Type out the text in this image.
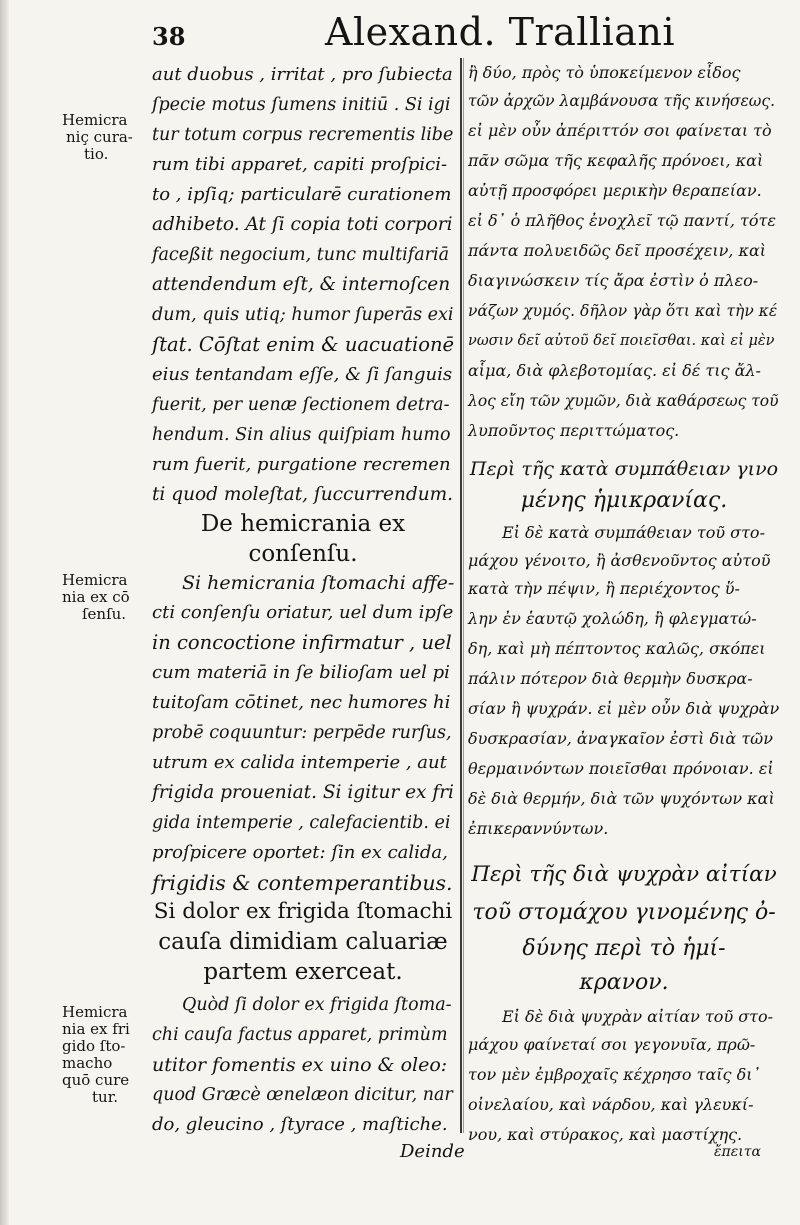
38	Alexand. Tralliani
Hemicra
niç cura-
tio.
Hemicra
nia ex cō
ſenſu.
Hemicra
nia ex fri
gido ſto-
macho
quō cure
tur.
aut duobus , irritat , pro ſubiecta
ſpecie motus ſumens initiū . Si igi
tur totum corpus recrementis libe
rum tibi apparet, capiti proſpici-
to , ipſiq; particularē curationem
adhibeto. At ſi copia toti corpori
faceßit negocium, tunc multifariā
attendendum eſt, & internoſcen
dum, quis utiq; humor ſuperās exi
ſtat. Cōſtat enim & uacuationē
eius tentandam eſſe, & ſi ſanguis
fuerit, per uenæ ſectionem detra-
hendum. Sin alius quiſpiam humo
rum fuerit, purgatione recremen
ti quod moleſtat, ſuccurrendum.
De hemicrania ex
conſenſu.
Si hemicrania ſtomachi affe-
cti conſenſu oriatur, uel dum ipſe
in concoctione infirmatur , uel
cum materiā in ſe bilioſam uel pi
tuitoſam cōtinet, nec humores hi
probē coquuntur: perpēde rurſus,
utrum ex calida intemperie , aut
frigida proueniat. Si igitur ex fri
gida intemperie , calefacientib. ei
proſpicere oportet: ſin ex calida,
frigidis & contemperantibus.
Si dolor ex frigida ſtomachi
cauſa dimidiam caluariæ
partem exerceat.
Quòd ſi dolor ex frigida ſtoma-
chi cauſa factus apparet, primùm
utitor fomentis ex uino & oleo:
quod Græcè œnelæon dicitur, nar
do, gleucino , ſtyrace , maſtiche.
Deinde
ἢ δύο, πρὸς τὸ ὑποκείμενον εἶδος
τῶν ἀρχῶν λαμβάνουσα τῆς κινήσεως.
εἰ μὲν οὖν ἀπέριττόν σοι φαίνεται τὸ
πᾶν σῶμα τῆς κεφαλῆς πρόνοει, καὶ
αὐτῇ προσφόρει μερικὴν θεραπείαν.
εἰ δ᾽ ὁ πλῆθος ἐνοχλεῖ τῷ παντί, τότε
πάντα πολυειδῶς δεῖ προσέχειν, καὶ
διαγινώσκειν τίς ἄρα ἐστὶν ὁ πλεο-
νάζων χυμός. δῆλον γὰρ ὅτι καὶ τὴν κέ
νωσιν δεῖ αὐτοῦ δεῖ ποιεῖσθαι. καὶ εἰ μὲν
αἷμα, διὰ φλεβοτομίας. εἰ δέ τις ἄλ-
λος εἴη τῶν χυμῶν, διὰ καθάρσεως τοῦ
λυποῦντος περιττώματος.
Περὶ τῆς κατὰ συμπάθειαν γινο
μένης ἡμικρανίας.
Εἰ δὲ κατὰ συμπάθειαν τοῦ στο-
μάχου γένοιτο, ἢ ἀσθενοῦντος αὐτοῦ
κατὰ τὴν πέψιν, ἢ περιέχοντος ὕ-
λην ἐν ἑαυτῷ χολώδη, ἢ φλεγματώ-
δη, καὶ μὴ πέπτοντος καλῶς, σκόπει
πάλιν πότερον διὰ θερμὴν δυσκρα-
σίαν ἢ ψυχράν. εἰ μὲν οὖν διὰ ψυχρὰν
δυσκρασίαν, ἀναγκαῖον ἐστὶ διὰ τῶν
θερμαινόντων ποιεῖσθαι πρόνοιαν. εἰ
δὲ διὰ θερμήν, διὰ τῶν ψυχόντων καὶ
ἐπικεραννύντων.
Περὶ τῆς διὰ ψυχρὰν αἰτίαν
τοῦ στομάχου γινομένης ὀ-
δύνης περὶ τὸ ἡμί-
κρανον.
Εἰ δὲ διὰ ψυχρὰν αἰτίαν τοῦ στο-
μάχου φαίνεταί σοι γεγονυῖα, πρῶ-
τον μὲν ἐμβροχαῖς κέχρησο ταῖς δι᾽
οἰνελαίου, καὶ νάρδου, καὶ γλευκί-
νου, καὶ στύρακος, καὶ μαστίχης.
ἔπειτα
